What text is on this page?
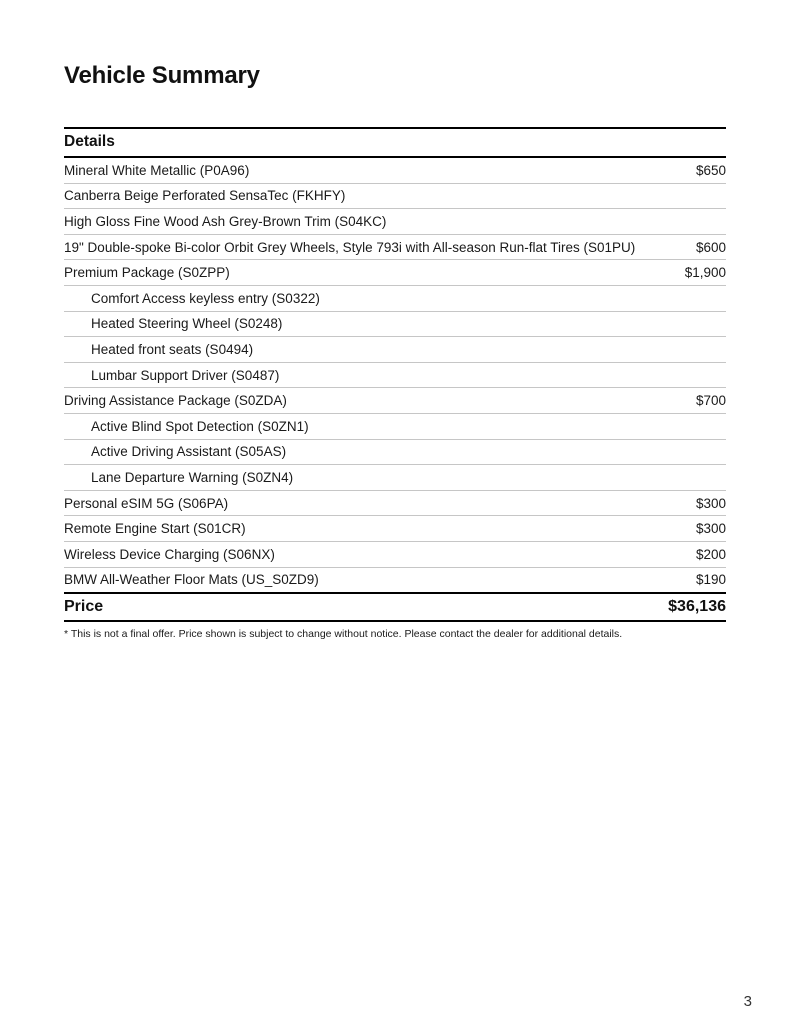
Vehicle Summary
Details
Mineral White Metallic (P0A96)	$650
Canberra Beige Perforated SensaTec (FKHFY)
High Gloss Fine Wood Ash Grey-Brown Trim (S04KC)
19" Double-spoke Bi-color Orbit Grey Wheels, Style 793i with All-season Run-flat Tires (S01PU)	$600
Premium Package (S0ZPP)	$1,900
Comfort Access keyless entry (S0322)
Heated Steering Wheel (S0248)
Heated front seats (S0494)
Lumbar Support Driver (S0487)
Driving Assistance Package (S0ZDA)	$700
Active Blind Spot Detection (S0ZN1)
Active Driving Assistant (S05AS)
Lane Departure Warning (S0ZN4)
Personal eSIM 5G (S06PA)	$300
Remote Engine Start (S01CR)	$300
Wireless Device Charging (S06NX)	$200
BMW All-Weather Floor Mats (US_S0ZD9)	$190
Price	$36,136

* This is not a final offer. Price shown is subject to change without notice. Please contact the dealer for additional details.

3
